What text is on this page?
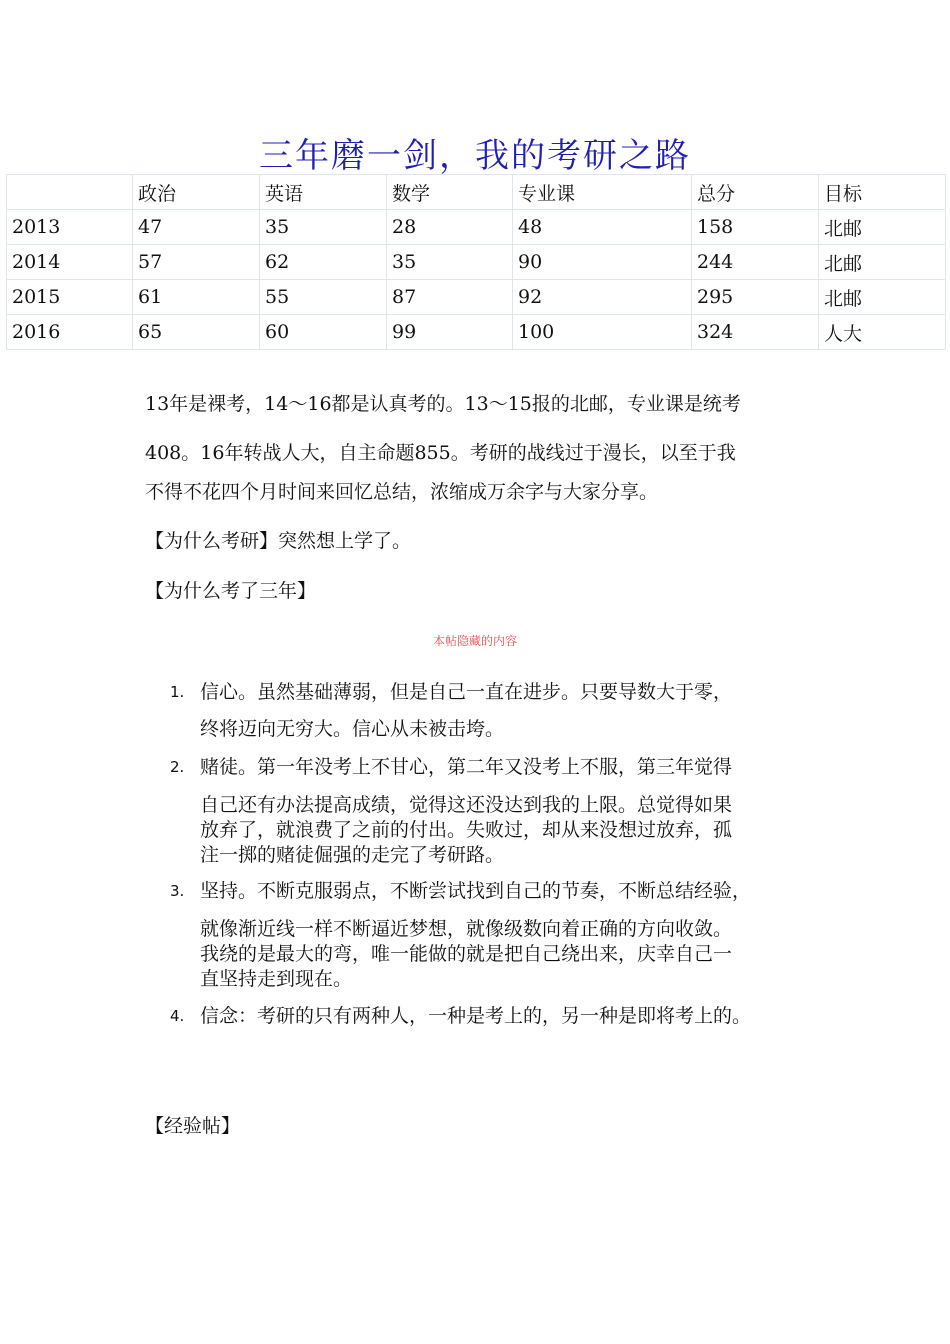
三年磨一剑，我的考研之路
	政治	英语	数学	专业课	总分	目标
2013	47	35	28	48	158	北邮
2014	57	62	35	90	244	北邮
2015	61	55	87	92	295	北邮
2016	65	60	99	100	324	人大
13年是裸考，14～16都是认真考的。13～15报的北邮，专业课是统考
408。16年转战人大，自主命题855。考研的战线过于漫长，以至于我
不得不花四个月时间来回忆总结，浓缩成万余字与大家分享。
【为什么考研】突然想上学了。
【为什么考了三年】
本帖隐藏的内容
1. 信心。虽然基础薄弱，但是自己一直在进步。只要导数大于零，
终将迈向无穷大。信心从未被击垮。
2. 赌徒。第一年没考上不甘心，第二年又没考上不服，第三年觉得
自己还有办法提高成绩，觉得这还没达到我的上限。总觉得如果
放弃了，就浪费了之前的付出。失败过，却从来没想过放弃，孤
注一掷的赌徒倔强的走完了考研路。
3. 坚持。不断克服弱点，不断尝试找到自己的节奏，不断总结经验，
就像渐近线一样不断逼近梦想，就像级数向着正确的方向收敛。
我绕的是最大的弯，唯一能做的就是把自己绕出来，庆幸自己一
直坚持走到现在。
4. 信念：考研的只有两种人，一种是考上的，另一种是即将考上的。
【经验帖】
